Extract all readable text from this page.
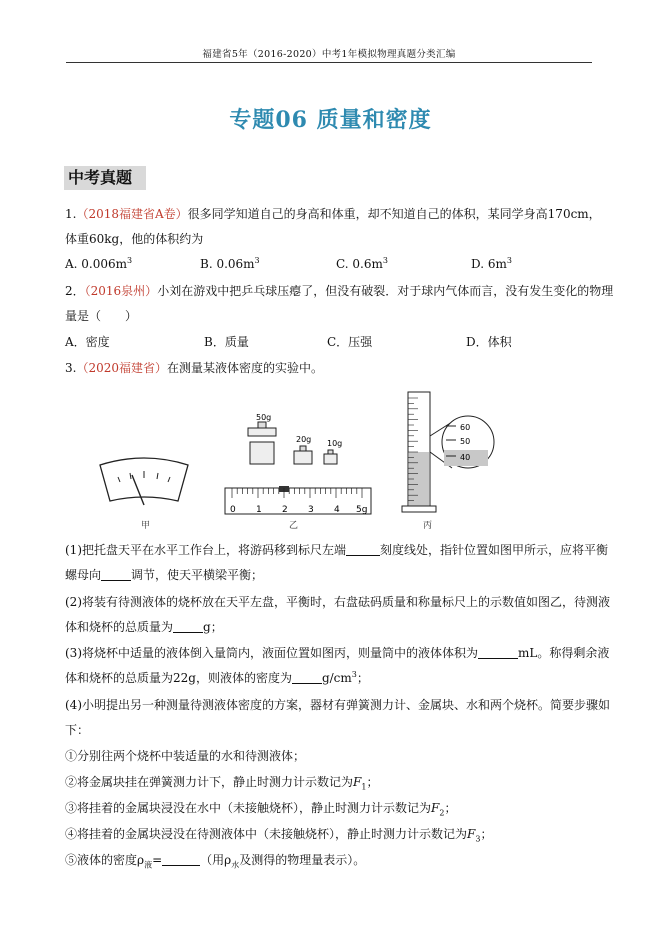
福建省5年（2016-2020）中考1年模拟物理真题分类汇编
专题06 质量和密度
中考真题
1.（2018福建省A卷）很多同学知道自己的身高和体重，却不知道自己的体积，某同学身高170cm，
体重60kg，他的体积约为
A. $0.006m^3$	B. $0.06m^3$	C. $0.6m^3$	D. $6m^3$
2．（2016泉州）小刘在游戏中把乒乓球压瘪了，但没有破裂．对于球内气体而言，没有发生变化的物理
量是（　　）
A．密度	B．质量	C．压强	D．体积
3.（2020福建省）在测量某液体密度的实验中。
甲
50g
20g 10g
0 1 2 3 4 5g
乙
60
50
40
丙
(1)把托盘天平在水平工作台上，将游码移到标尺左端	刻度线处，指针位置如图甲所示，应将平衡
螺母向	调节，使天平横梁平衡；
(2)将装有待测液体的烧杯放在天平左盘，平衡时，右盘砝码质量和称量标尺上的示数值如图乙，待测液
体和烧杯的总质量为	g；
(3)将烧杯中适量的液体倒入量筒内，液面位置如图丙，则量筒中的液体体积为	mL。称得剩余液
体和烧杯的总质量为22g，则液体的密度为	$g/cm^3$；
(4)小明提出另一种测量待测液体密度的方案，器材有弹簧测力计、金属块、水和两个烧杯。简要步骤如
下：
①分别往两个烧杯中装适量的水和待测液体；
②将金属块挂在弹簧测力计下，静止时测力计示数记为$F_1$；
③将挂着的金属块浸没在水中（未接触烧杯），静止时测力计示数记为$F_2$；
④将挂着的金属块浸没在待测液体中（未接触烧杯），静止时测力计示数记为$F_3$；
⑤液体的密度$\rho_液=$	（用$\rho_水$及测得的物理量表示）。
